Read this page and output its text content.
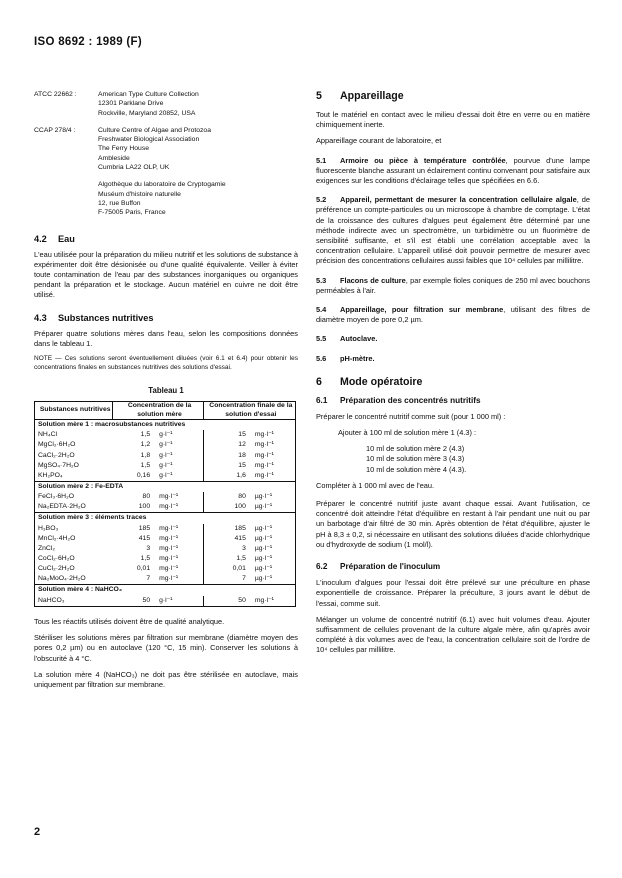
ISO 8692 : 1989 (F)
ATCC 22662 :	American Type Culture Collection
12301 Parklane Drive
Rockville, Maryland 20852, USA
CCAP 278/4 :	Culture Centre of Algae and Protozoa
Freshwater Biological Association
The Ferry House
Ambleside
Cumbria LA22 OLP, UK
Algothèque du laboratoire de Cryptogamie
Muséum d'histoire naturelle
12, rue Buffon
F-75005 Paris, France
4.2 Eau

L'eau utilisée pour la préparation du milieu nutritif et les solutions de substance à expérimenter doit être désionisée ou d'une qualité équivalente. Veiller à éviter toute contamination de l'eau par des substances inorganiques ou organiques pendant la préparation et le stockage. Aucun matériel en cuivre ne doit être utilisé.

4.3 Substances nutritives

Préparer quatre solutions mères dans l'eau, selon les compositions données dans le tableau 1.

NOTE — Ces solutions seront éventuellement diluées (voir 6.1 et 6.4) pour obtenir les concentrations finales en substances nutritives des solutions d'essai.

Tableau 1
Substances nutritives	Concentration de la solution mère		Concentration finale de la solution d'essai	
Solution mère 1 : macrosubstances nutritives				
NH₄Cl	1,5	g·l⁻¹	15	mg·l⁻¹
MgCl₂·6H₂O	1,2	g·l⁻¹	12	mg·l⁻¹
CaCl₂·2H₂O	1,8	g·l⁻¹	18	mg·l⁻¹
MgSO₄·7H₂O	1,5	g·l⁻¹	15	mg·l⁻¹
KH₂PO₄	0,16	g·l⁻¹	1,6	mg·l⁻¹
Solution mère 2 : Fe-EDTA				
FeCl₃·6H₂O	80	mg·l⁻¹	80	µg·l⁻¹
Na₂EDTA·2H₂O	100	mg·l⁻¹	100	µg·l⁻¹
Solution mère 3 : éléments traces				
H₃BO₃	185	mg·l⁻¹	185	µg·l⁻¹
MnCl₂·4H₂O	415	mg·l⁻¹	415	µg·l⁻¹
ZnCl₂	3	mg·l⁻¹	3	µg·l⁻¹
CoCl₂·6H₂O	1,5	mg·l⁻¹	1,5	µg·l⁻¹
CuCl₂·2H₂O	0,01	mg·l⁻¹	0,01	µg·l⁻¹
Na₂MoO₄·2H₂O	7	mg·l⁻¹	7	µg·l⁻¹
Solution mère 4 : NaHCO₃				
NaHCO₃	50	g·l⁻¹	50	mg·l⁻¹

Tous les réactifs utilisés doivent être de qualité analytique.

Stériliser les solutions mères par filtration sur membrane (diamètre moyen des pores 0,2 µm) ou en autoclave (120 °C, 15 min). Conserver les solutions à l'obscurité à 4 °C.

La solution mère 4 (NaHCO₃) ne doit pas être stérilisée en autoclave, mais uniquement par filtration sur membrane.

5 Appareillage

Tout le matériel en contact avec le milieu d'essai doit être en verre ou en matière chimiquement inerte.

Appareillage courant de laboratoire, et

5.1 Armoire ou pièce à température contrôlée, pourvue d'une lampe fluorescente blanche assurant un éclairement continu convenant pour satisfaire aux exigences sur les conditions d'éclairage telles que spécifiées en 6.6.

5.2 Appareil, permettant de mesurer la concentration cellulaire algale, de préférence un compte-particules ou un microscope à chambre de comptage. L'état de la croissance des cultures d'algues peut également être déterminé par une méthode indirecte avec un spectromètre, un turbidimètre ou un fluorimètre de sensibilité suffisante, et s'il est établi une corrélation acceptable avec la concentration cellulaire. L'appareil utilisé doit pouvoir permettre de mesurer avec précision des concentrations cellulaires aussi faibles que 10⁴ cellules par millilitre.

5.3 Flacons de culture, par exemple fioles coniques de 250 ml avec bouchons perméables à l'air.

5.4 Appareillage, pour filtration sur membrane, utilisant des filtres de diamètre moyen de pore 0,2 µm.

5.5 Autoclave.

5.6 pH-mètre.

6 Mode opératoire
6.1 Préparation des concentrés nutritifs

Préparer le concentré nutritif comme suit (pour 1 000 ml) :

Ajouter à 100 ml de solution mère 1 (4.3) :

10 ml de solution mère 2 (4.3)

10 ml de solution mère 3 (4.3)

10 ml de solution mère 4 (4.3).

Compléter à 1 000 ml avec de l'eau.

Préparer le concentré nutritif juste avant chaque essai. Avant l'utilisation, ce concentré doit atteindre l'état d'équilibre en restant à l'air pendant une nuit ou par un barbotage d'air filtré de 30 min. Après obtention de l'état d'équilibre, ajuster le pH à 8,3 ± 0,2, si nécessaire en utilisant des solutions diluées d'acide chlorhydrique ou d'hydroxyde de sodium (1 mol/l).

6.2 Préparation de l'inoculum

L'inoculum d'algues pour l'essai doit être prélevé sur une préculture en phase exponentielle de croissance. Préparer la préculture, 3 jours avant le début de l'essai, comme suit.

Mélanger un volume de concentré nutritif (6.1) avec huit volumes d'eau. Ajouter suffisamment de cellules provenant de la culture algale mère, afin qu'après avoir complété à dix volumes avec de l'eau, la concentration cellulaire soit de l'ordre de 10⁴ cellules par millilitre.

2
